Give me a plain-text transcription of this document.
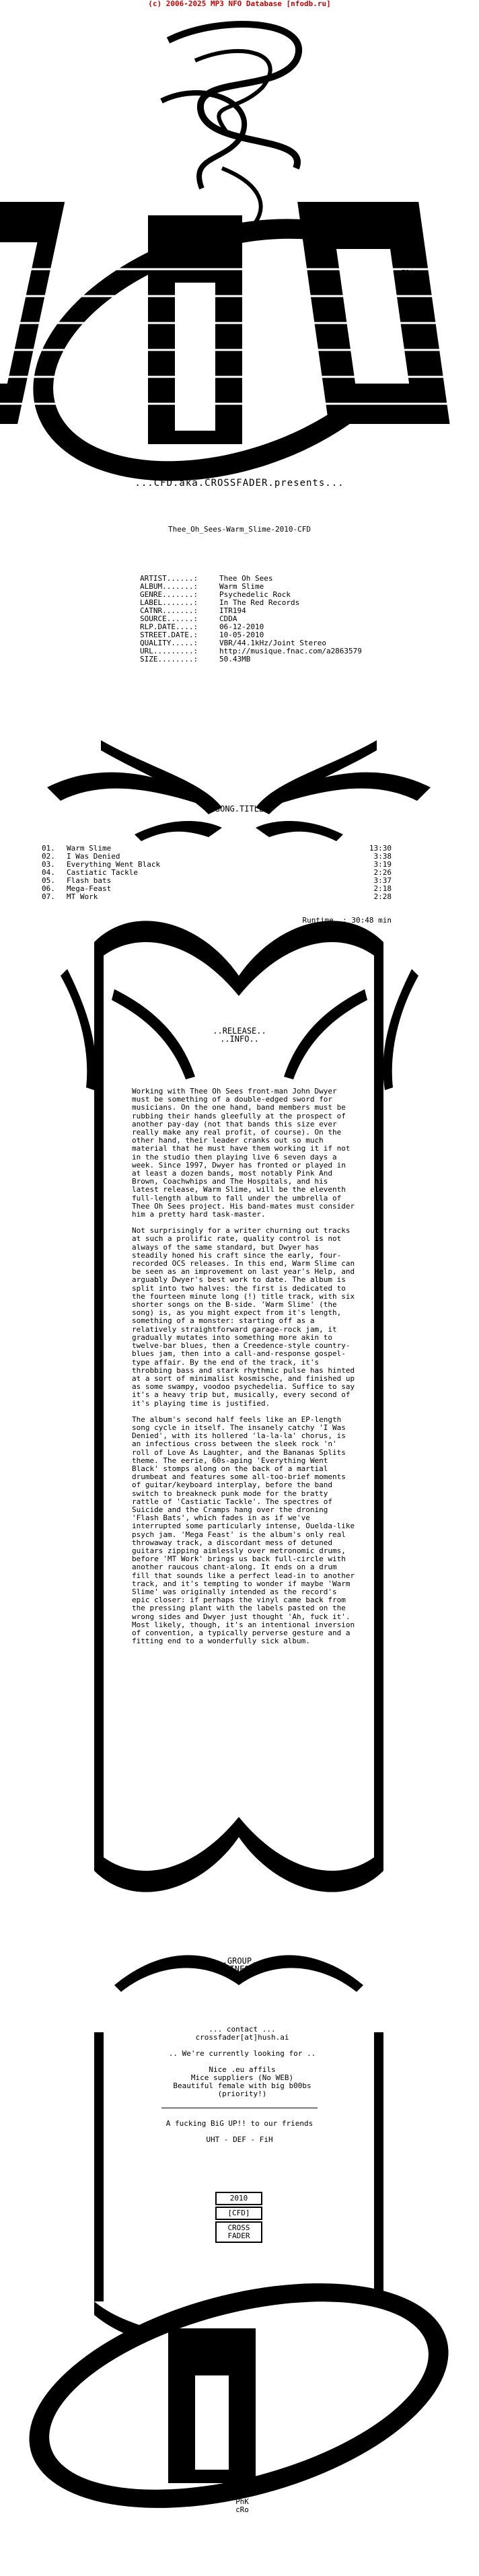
(c) 2006-2025 MP3 NFO Database [nfodb.ru]
F3!
cRo
...CFD.aka.CROSSFADER.presents...
Thee_Oh_Sees-Warm_Slime-2010-CFD
ARTIST......:	Thee Oh Sees
ALBUM.......:	Warm Slime
GENRE.......:	Psychedelic Rock
LABEL.......:	In The Red Records
CATNR.......:	ITR194
SOURCE......:	CDDA
RLP.DATE....:	06-12-2010
STREET.DATE.:	10-05-2010
QUALITY.....:	VBR/44.1kHz/Joint Stereo
URL.........:	http://musique.fnac.com/a2863579
SIZE........:	50.43MB
..SONG.TITLE..
01. Warm Slime	13:30
02. I Was Denied	3:38
03. Everything Went Black	3:19
04. Castiatic Tackle	2:26
05. Flash bats	3:37
06. Mega-Feast	2:18
07. MT Work	2:28
Runtime..: 30:48 min
..RELEASE..
..INFO..

Working with Thee Oh Sees front-man John Dwyer must be something of a double-edged sword for musicians. On the one hand, band members must be rubbing their hands gleefully at the prospect of another pay-day (not that bands this size ever really make any real profit, of course). On the other hand, their leader cranks out so much material that he must have them working it if not in the studio then playing live 6 seven days a week. Since 1997, Dwyer has fronted or played in at least a dozen bands, most notably Pink And Brown, Coachwhips and The Hospitals, and his latest release, Warm Slime, will be the eleventh full-length album to fall under the umbrella of Thee Oh Sees project. His band-mates must consider him a pretty hard task-master.

Not surprisingly for a writer churning out tracks at such a prolific rate, quality control is not always of the same standard, but Dwyer has steadily honed his craft since the early, four-recorded OCS releases. In this end, Warm Slime can be seen as an improvement on last year's Help, and arguably Dwyer's best work to date. The album is split into two halves: the first is dedicated to the fourteen minute long (!) title track, with six shorter songs on the B-side. 'Warm Slime' (the song) is, as you might expect from it's length, something of a monster: starting off as a relatively straightforward garage-rock jam, it gradually mutates into something more akin to twelve-bar blues, then a Creedence-style country-blues jam, then into a call-and-response gospel-type affair. By the end of the track, it's throbbing bass and stark rhythmic pulse has hinted at a sort of minimalist kosmische, and finished up as some swampy, voodoo psychedelia. Suffice to say it's a heavy trip but, musically, every second of it's playing time is justified.

The album's second half feels like an EP-length song cycle in itself. The insanely catchy 'I Was Denied', with its hollered 'la-la-la' chorus, is an infectious cross between the sleek rock 'n' roll of Love As Laughter, and the Bananas Splits theme. The eerie, 60s-aping 'Everything Went Black' stomps along on the back of a martial drumbeat and features some all-too-brief moments of guitar/keyboard interplay, before the band switch to breakneck punk mode for the bratty rattle of 'Castiatic Tackle'. The spectres of Suicide and the Cramps hang over the droning 'Flash Bats', which fades in as if we've interrupted some particularly intense, Ouelda-like psych jam. 'Mega Feast' is the album's only real throwaway track, a discordant mess of detuned guitars zipping aimlessly over metronomic drums, before 'MT Work' brings us back full-circle with another raucous chant-along. It ends on a drum fill that sounds like a perfect lead-in to another track, and it's tempting to wonder if maybe 'Warm Slime' was originally intended as the record's epic closer: if perhaps the vinyl came back from the pressing plant with the labels pasted on the wrong sides and Dwyer just thought 'Ah, fuck it'. Most likely, though, it's an intentional inversion of convention, a typically perverse gesture and a fitting end to a wonderfully sick album.

..GROUP..
..INFO..
... contact ...
crossfader[at]hush.ai
.. We're currently looking for ..
Nice .eu affils
Mice suppliers (No WEB)
Beautiful female with big b00bs
(priority!)
A fucking BiG UP!! to our friends
UHT - DEF - FiH
2010
[CFD]
CROSS
FADER
aSc
PhK
cRo
